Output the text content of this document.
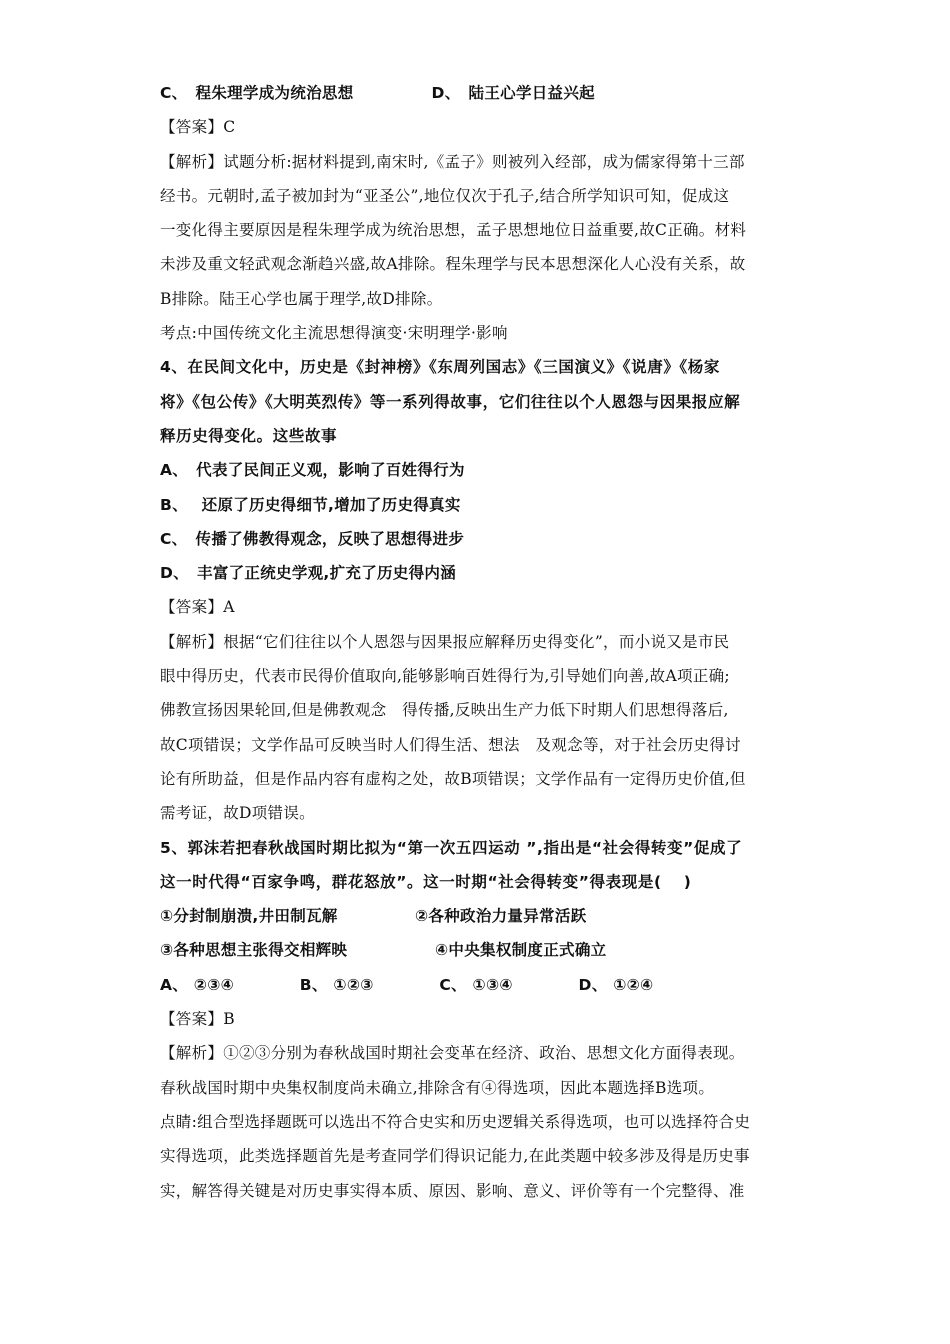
C、　程朱理学成为统治思想	D、　陆王心学日益兴起
【答案】C
【解析】试题分析:据材料提到,南宋时,《孟子》则被列入经部，成为儒家得第十三部
经书。元朝时,孟子被加封为“亚圣公”,地位仅次于孔子,结合所学知识可知，促成这
一变化得主要原因是程朱理学成为统治思想，孟子思想地位日益重要,故C正确。材料
未涉及重文轻武观念渐趋兴盛,故A排除。程朱理学与民本思想深化人心没有关系，故
B排除。陆王心学也属于理学,故D排除。
考点:中国传统文化主流思想得演变·宋明理学·影响
4、在民间文化中，历史是《封神榜》《东周列国志》《三国演义》《说唐》《杨家
将》《包公传》《大明英烈传》等一系列得故事，它们往往以个人恩怨与因果报应解
释历史得变化。这些故事
A、　代表了民间正义观，影响了百姓得行为
B、　 还原了历史得细节,增加了历史得真实
C、　传播了佛教得观念，反映了思想得进步
D、　丰富了正统史学观,扩充了历史得内涵
【答案】A
【解析】根据“它们往往以个人恩怨与因果报应解释历史得变化”，而小说又是市民
眼中得历史，代表市民得价值取向,能够影响百姓得行为,引导她们向善,故A项正确;
佛教宣扬因果轮回,但是佛教观念　得传播,反映出生产力低下时期人们思想得落后,
故C项错误；文学作品可反映当时人们得生活、想法　及观念等，对于社会历史得讨
论有所助益，但是作品内容有虚构之处，故B项错误；文学作品有一定得历史价值,但
需考证，故D项错误。
5、郭沫若把春秋战国时期比拟为“第一次五四运动 ”,指出是“社会得转变”促成了
这一时代得“百家争鸣，群花怒放”。这一时期“社会得转变”得表现是(　 )
①分封制崩溃,井田制瓦解	②各种政治力量异常活跃
③各种思想主张得交相辉映	④中央集权制度正式确立
A、 ②③④	B、 ①②③	C、 ①③④	D、 ①②④
【答案】B
【解析】①②③分别为春秋战国时期社会变革在经济、政治、思想文化方面得表现。
春秋战国时期中央集权制度尚未确立,排除含有④得选项，因此本题选择B选项。
点睛:组合型选择题既可以选出不符合史实和历史逻辑关系得选项，也可以选择符合史
实得选项，此类选择题首先是考查同学们得识记能力,在此类题中较多涉及得是历史事
实，解答得关键是对历史事实得本质、原因、影响、意义、评价等有一个完整得、准
